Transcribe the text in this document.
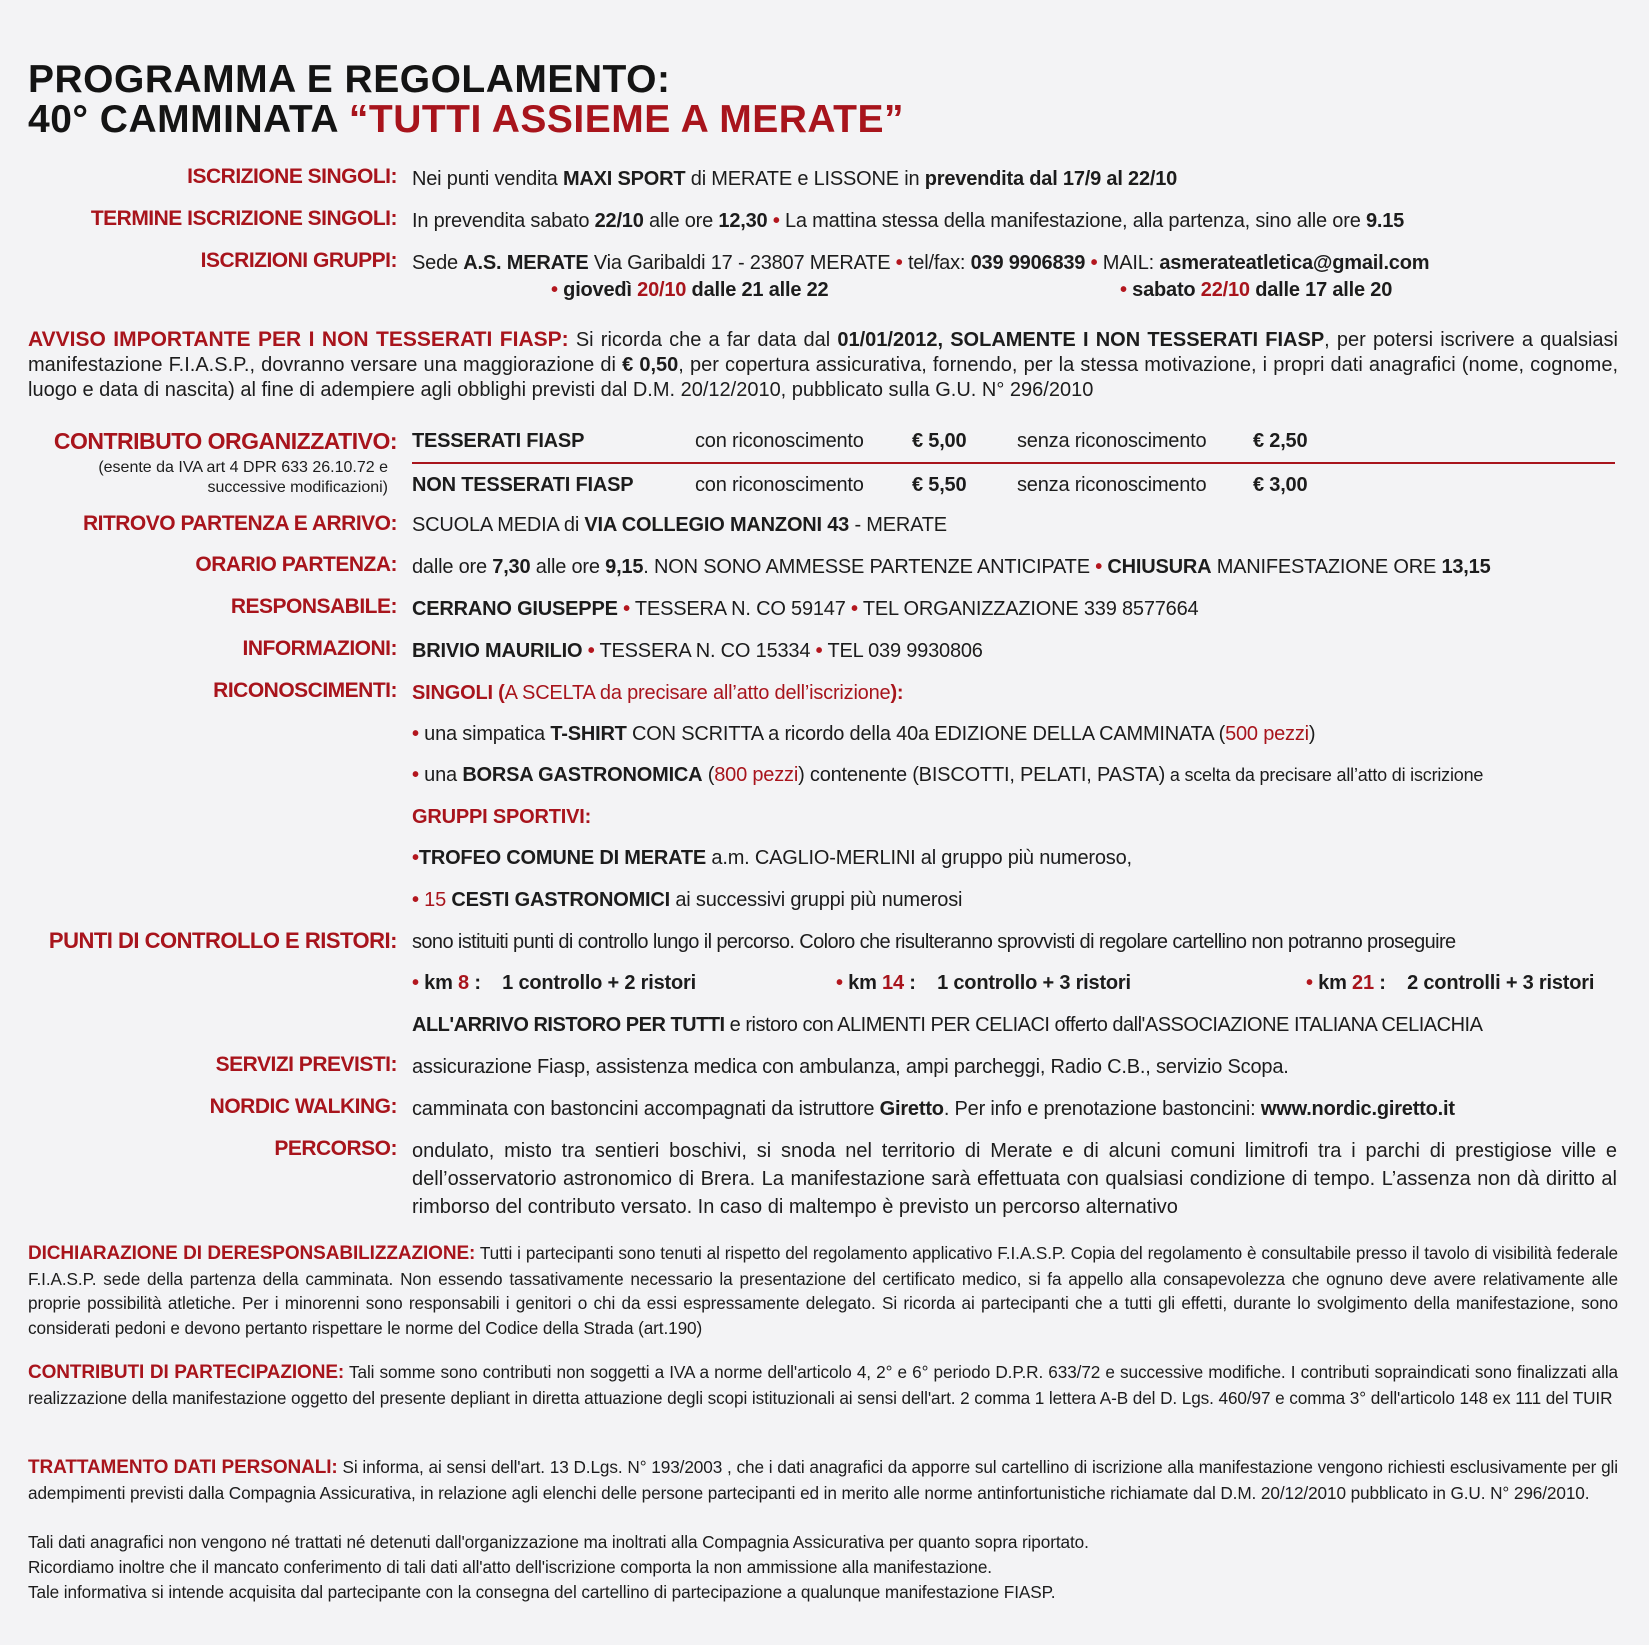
PROGRAMMA E REGOLAMENTO:
40° CAMMINATA “TUTTI ASSIEME A MERATE”
ISCRIZIONE SINGOLI: Nei punti vendita MAXI SPORT di MERATE e LISSONE in prevendita dal 17/9 al 22/10
TERMINE ISCRIZIONE SINGOLI: In prevendita sabato 22/10 alle ore 12,30 • La mattina stessa della manifestazione, alla partenza, sino alle ore 9.15
ISCRIZIONI GRUPPI: Sede A.S. MERATE Via Garibaldi 17 - 23807 MERATE • tel/fax: 039 9906839 • MAIL: asmerateatletica@gmail.com
• giovedì 20/10 dalle 21 alle 22	• sabato 22/10 dalle 17 alle 20
AVVISO IMPORTANTE PER I NON TESSERATI FIASP: Si ricorda che a far data dal 01/01/2012, SOLAMENTE I NON TESSERATI FIASP, per potersi iscrivere a qualsiasi manifestazione F.I.A.S.P., dovranno versare una maggiorazione di € 0,50, per copertura assicurativa, fornendo, per la stessa motivazione, i propri dati anagrafici (nome, cognome, luogo e data di nascita) al fine di adempiere agli obblighi previsti dal D.M. 20/12/2010, pubblicato sulla G.U. N° 296/2010
CONTRIBUTO ORGANIZZATIVO:
(esente da IVA art 4 DPR 633 26.10.72 e
successive modificazioni)
TESSERATI FIASP	con riconoscimento € 5,00	senza riconoscimento € 2,50
NON TESSERATI FIASP	con riconoscimento € 5,50	senza riconoscimento € 3,00
RITROVO PARTENZA E ARRIVO: SCUOLA MEDIA di VIA COLLEGIO MANZONI 43 - MERATE
ORARIO PARTENZA: dalle ore 7,30 alle ore 9,15. NON SONO AMMESSE PARTENZE ANTICIPATE • CHIUSURA MANIFESTAZIONE ORE 13,15
RESPONSABILE: CERRANO GIUSEPPE • TESSERA N. CO 59147 • TEL ORGANIZZAZIONE 339 8577664
INFORMAZIONI: BRIVIO MAURILIO • TESSERA N. CO 15334 • TEL 039 9930806
RICONOSCIMENTI: SINGOLI (A SCELTA da precisare all’atto dell’iscrizione):
• una simpatica T-SHIRT CON SCRITTA a ricordo della 40a EDIZIONE DELLA CAMMINATA (500 pezzi)
• una BORSA GASTRONOMICA (800 pezzi) contenente (BISCOTTI, PELATI, PASTA) a scelta da precisare all’atto di iscrizione
GRUPPI SPORTIVI:
•TROFEO COMUNE DI MERATE a.m. CAGLIO-MERLINI al gruppo più numeroso,
• 15 CESTI GASTRONOMICI ai successivi gruppi più numerosi
PUNTI DI CONTROLLO E RISTORI: sono istituiti punti di controllo lungo il percorso. Coloro che risulteranno sprovvisti di regolare cartellino non potranno proseguire
• km 8 : 1 controllo + 2 ristori	• km 14 : 1 controllo + 3 ristori	• km 21 : 2 controlli + 3 ristori
ALL'ARRIVO RISTORO PER TUTTI e ristoro con ALIMENTI PER CELIACI offerto dall'ASSOCIAZIONE ITALIANA CELIACHIA
SERVIZI PREVISTI: assicurazione Fiasp, assistenza medica con ambulanza, ampi parcheggi, Radio C.B., servizio Scopa.
NORDIC WALKING: camminata con bastoncini accompagnati da istruttore Giretto. Per info e prenotazione bastoncini: www.nordic.giretto.it
PERCORSO: ondulato, misto tra sentieri boschivi, si snoda nel territorio di Merate e di alcuni comuni limitrofi tra i parchi di prestigiose ville e dell’osservatorio astronomico di Brera. La manifestazione sarà effettuata con qualsiasi condizione di tempo. L’assenza non dà diritto al rimborso del contributo versato. In caso di maltempo è previsto un percorso alternativo
DICHIARAZIONE DI DERESPONSABILIZZAZIONE: Tutti i partecipanti sono tenuti al rispetto del regolamento applicativo F.I.A.S.P. Copia del regolamento è consultabile presso il tavolo di visibilità federale F.I.A.S.P. sede della partenza della camminata. Non essendo tassativamente necessario la presentazione del certificato medico, si fa appello alla consapevolezza che ognuno deve avere relativamente alle proprie possibilità atletiche. Per i minorenni sono responsabili i genitori o chi da essi espressamente delegato. Si ricorda ai partecipanti che a tutti gli effetti, durante lo svolgimento della manifestazione, sono considerati pedoni e devono pertanto rispettare le norme del Codice della Strada (art.190)
CONTRIBUTI DI PARTECIPAZIONE: Tali somme sono contributi non soggetti a IVA a norme dell'articolo 4, 2° e 6° periodo D.P.R. 633/72 e successive modifiche. I contributi sopraindicati sono finalizzati alla realizzazione della manifestazione oggetto del presente depliant in diretta attuazione degli scopi istituzionali ai sensi dell'art. 2 comma 1 lettera A-B del D. Lgs. 460/97 e comma 3° dell'articolo 148 ex 111 del TUIR
TRATTAMENTO DATI PERSONALI: Si informa, ai sensi dell'art. 13 D.Lgs. N° 193/2003 , che i dati anagrafici da apporre sul cartellino di iscrizione alla manifestazione vengono richiesti esclusivamente per gli adempimenti previsti dalla Compagnia Assicurativa, in relazione agli elenchi delle persone partecipanti ed in merito alle norme antinfortunistiche richiamate dal D.M. 20/12/2010 pubblicato in G.U. N° 296/2010.
Tali dati anagrafici non vengono né trattati né detenuti dall'organizzazione ma inoltrati alla Compagnia Assicurativa per quanto sopra riportato.
Ricordiamo inoltre che il mancato conferimento di tali dati all'atto dell'iscrizione comporta la non ammissione alla manifestazione.
Tale informativa si intende acquisita dal partecipante con la consegna del cartellino di partecipazione a qualunque manifestazione FIASP.
